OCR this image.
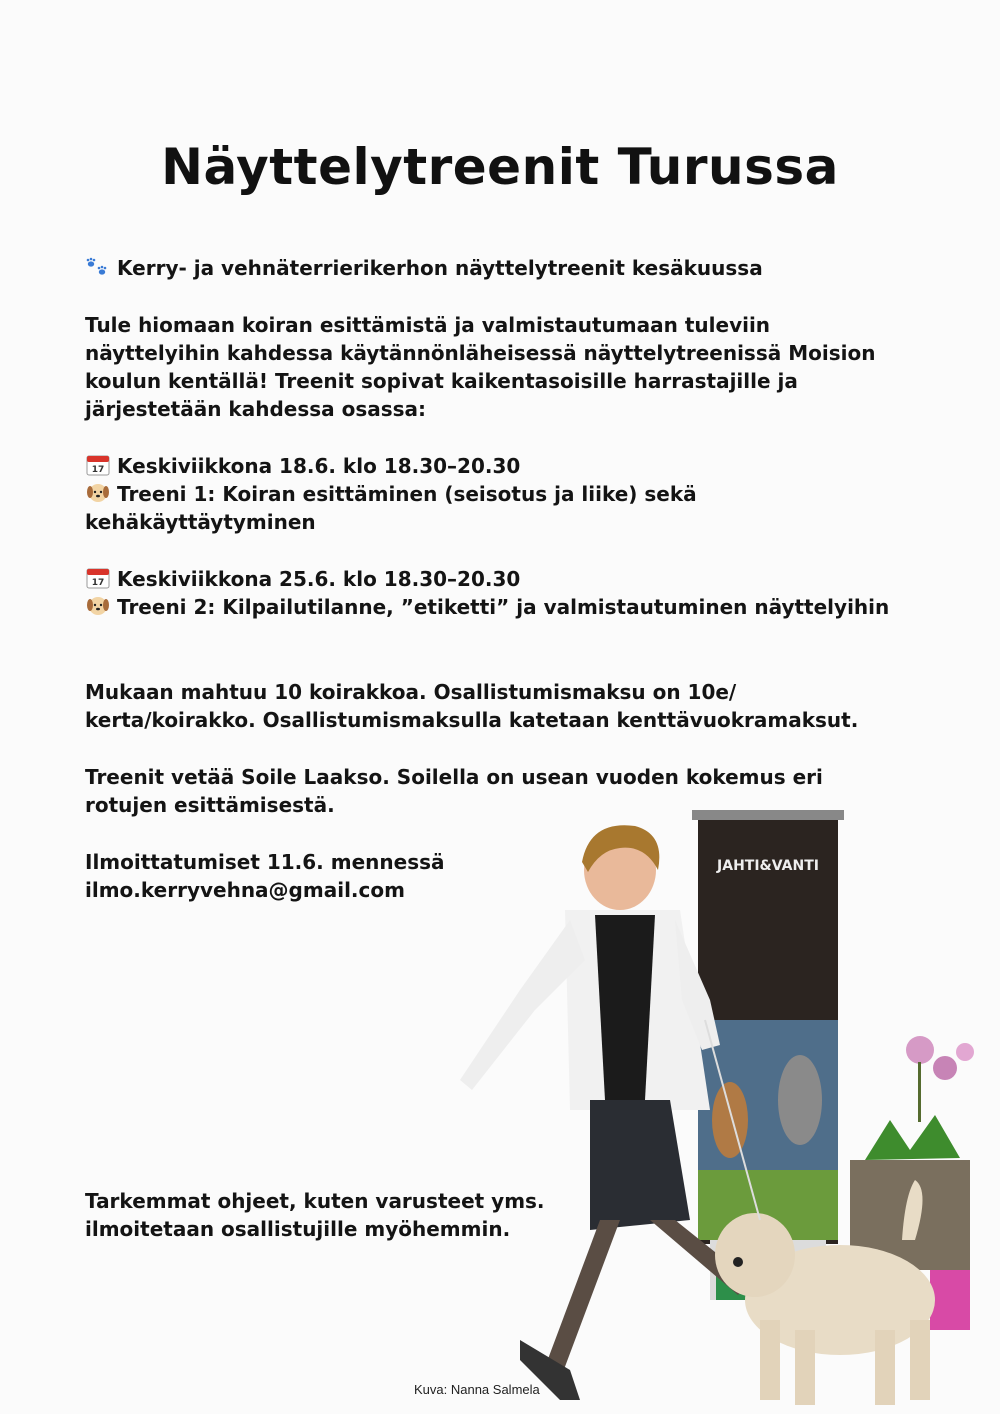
Näyttelytreenit Turussa
Kerry- ja vehnäterrierikerhon näyttelytreenit kesäkuussa
Tule hiomaan koiran esittämistä ja valmistautumaan tuleviin
näyttelyihin kahdessa käytännönläheisessä näyttelytreenissä Moision
koulun kentällä! Treenit sopivat kaikentasoisille harrastajille ja
järjestetään kahdessa osassa:
17 Keskiviikkona 18.6. klo 18.30–20.30
Treeni 1: Koiran esittäminen (seisotus ja liike) sekä
kehäkäyttäytyminen
17 Keskiviikkona 25.6. klo 18.30–20.30
Treeni 2: Kilpailutilanne, ”etiketti” ja valmistautuminen näyttelyihin
Mukaan mahtuu 10 koirakkoa. Osallistumismaksu on 10e/
kerta/koirakko. Osallistumismaksulla katetaan kenttävuokramaksut.
Treenit vetää Soile Laakso. Soilella on usean vuoden kokemus eri
rotujen esittämisestä.
Ilmoittatumiset 11.6. mennessä
ilmo.kerryvehna@gmail.com
Tarkemmat ohjeet, kuten varusteet yms.
ilmoitetaan osallistujille myöhemmin.
JAHTI&VANTI
Kuva: Nanna Salmela
